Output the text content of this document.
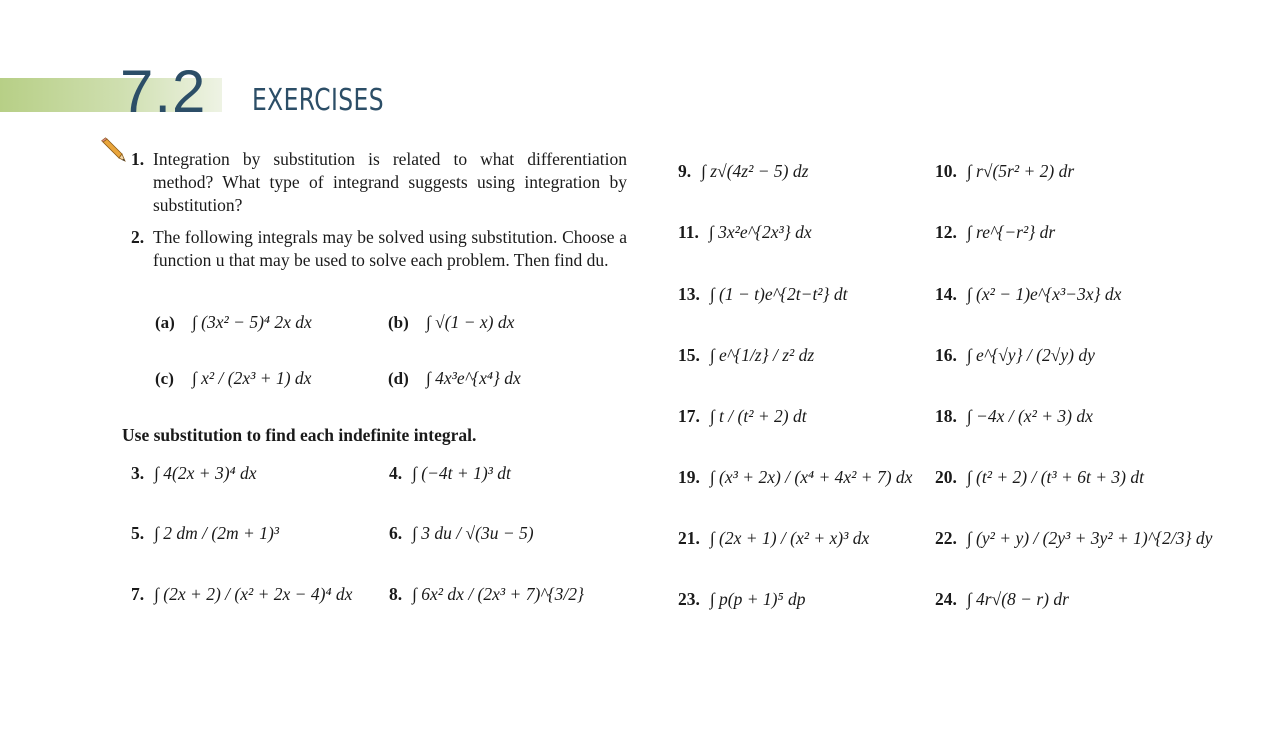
7.2 EXERCISES
1. Integration by substitution is related to what differentiation method? What type of integrand suggests using integration by substitution?
2. The following integrals may be solved using substitution. Choose a function u that may be used to solve each problem. Then find du.
(a) ∫ (3x² − 5)⁴ 2x dx	(b) ∫ √(1 − x) dx
(c) ∫ x² / (2x³ + 1) dx	(d) ∫ 4x³e^{x⁴} dx
Use substitution to find each indefinite integral.
3. ∫ 4(2x + 3)⁴ dx	4. ∫ (−4t + 1)³ dt
5. ∫ 2 dm / (2m + 1)³	6. ∫ 3 du / √(3u − 5)
7. ∫ (2x + 2) / (x² + 2x − 4)⁴ dx 8. ∫ 6x² dx / (2x³ + 7)^{3/2}
9. ∫ z√(4z² − 5) dz	10. ∫ r√(5r² + 2) dr
11. ∫ 3x²e^{2x³} dx	12. ∫ re^{−r²} dr
13. ∫ (1 − t)e^{2t−t²} dt	14. ∫ (x² − 1)e^{x³−3x} dx
15. ∫ e^{1/z} / z² dz	16. ∫ e^{√y} / (2√y) dy
17. ∫ t / (t² + 2) dt	18. ∫ −4x / (x² + 3) dx
19. ∫ (x³ + 2x) / (x⁴ + 4x² + 7) dx 20. ∫ (t² + 2) / (t³ + 6t + 3) dt
21. ∫ (2x + 1) / (x² + x)³ dx	22. ∫ (y² + y) / (2y³ + 3y² + 1)^{2/3} dy
23. ∫ p(p + 1)⁵ dp	24. ∫ 4r√(8 − r) dr
